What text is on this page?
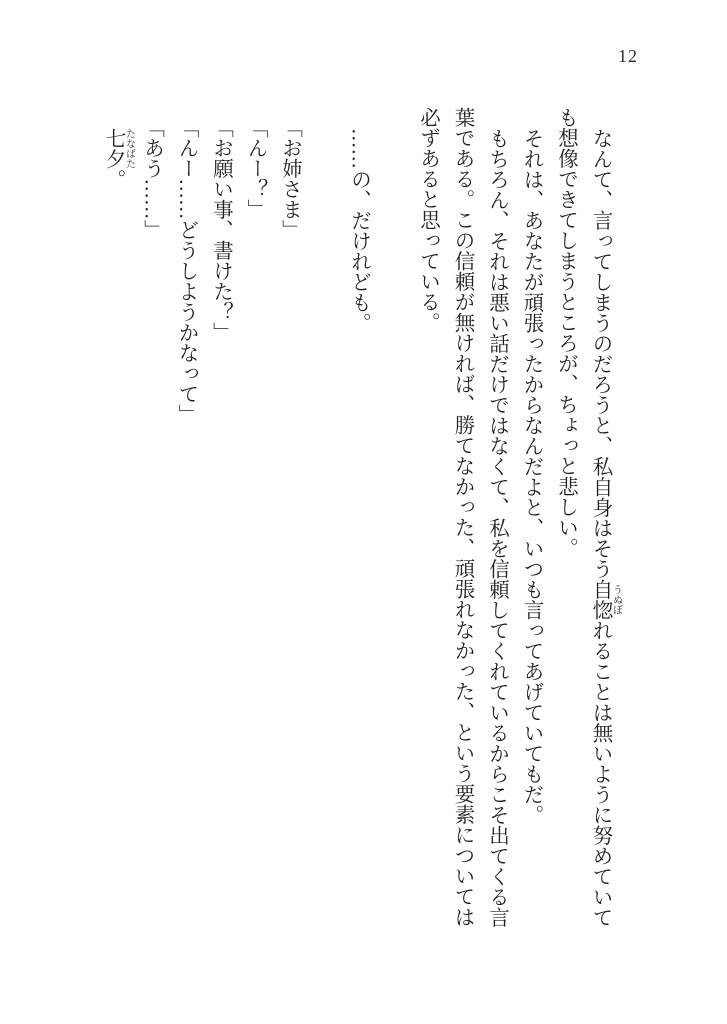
12

なんて、言ってしまうのだろうと、私自身はそう自惚 うぬぼれることは無いように努めていても想像できてしまうところが、ちょっと悲しい。

それは、あなたが頑張ったからなんだよと、いつも言ってあげていてもだ。

もちろん、それは悪い話だけではなくて、私を信頼してくれているからこそ出てくる言葉である。この信頼が無ければ、勝てなかった、頑張れなかった、という要素については必ずあると思っている。

……の、だけれども。

「お姉さま」

「んー？」

「お願い事、書けた？」

「んー……どうしようかなって」

「あう……」

七夕 たなばた。
